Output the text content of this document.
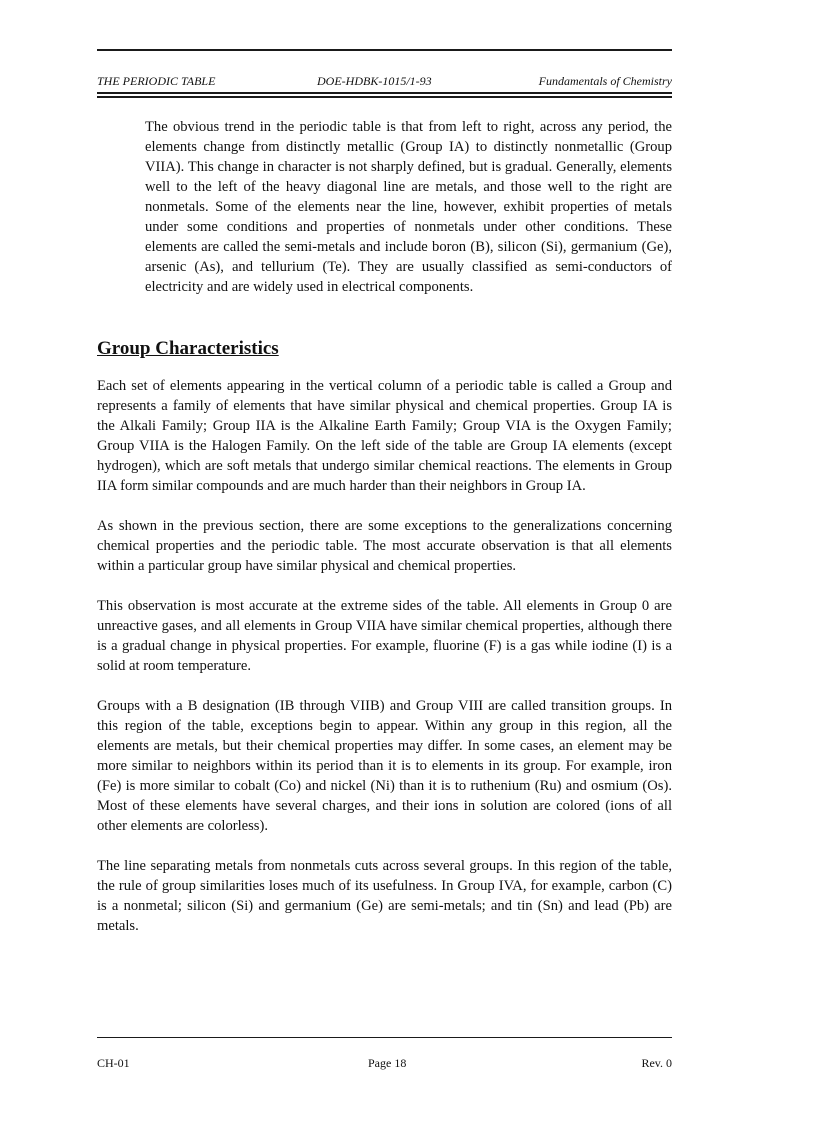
THE PERIODIC TABLE	DOE-HDBK-1015/1-93	Fundamentals of Chemistry

The obvious trend in the periodic table is that from left to right, across any period, the elements change from distinctly metallic (Group IA) to distinctly nonmetallic (Group VIIA). This change in character is not sharply defined, but is gradual. Generally, elements well to the left of the heavy diagonal line are metals, and those well to the right are nonmetals. Some of the elements near the line, however, exhibit properties of metals under some conditions and properties of nonmetals under other conditions. These elements are called the semi-metals and include boron (B), silicon (Si), germanium (Ge), arsenic (As), and tellurium (Te). They are usually classified as semi-conductors of electricity and are widely used in electrical components.

Group Characteristics

Each set of elements appearing in the vertical column of a periodic table is called a Group and represents a family of elements that have similar physical and chemical properties. Group IA is the Alkali Family; Group IIA is the Alkaline Earth Family; Group VIA is the Oxygen Family; Group VIIA is the Halogen Family. On the left side of the table are Group IA elements (except hydrogen), which are soft metals that undergo similar chemical reactions. The elements in Group IIA form similar compounds and are much harder than their neighbors in Group IA.

As shown in the previous section, there are some exceptions to the generalizations concerning chemical properties and the periodic table. The most accurate observation is that all elements within a particular group have similar physical and chemical properties.

This observation is most accurate at the extreme sides of the table. All elements in Group 0 are unreactive gases, and all elements in Group VIIA have similar chemical properties, although there is a gradual change in physical properties. For example, fluorine (F) is a gas while iodine (I) is a solid at room temperature.

Groups with a B designation (IB through VIIB) and Group VIII are called transition groups. In this region of the table, exceptions begin to appear. Within any group in this region, all the elements are metals, but their chemical properties may differ. In some cases, an element may be more similar to neighbors within its period than it is to elements in its group. For example, iron (Fe) is more similar to cobalt (Co) and nickel (Ni) than it is to ruthenium (Ru) and osmium (Os). Most of these elements have several charges, and their ions in solution are colored (ions of all other elements are colorless).

The line separating metals from nonmetals cuts across several groups. In this region of the table, the rule of group similarities loses much of its usefulness. In Group IVA, for example, carbon (C) is a nonmetal; silicon (Si) and germanium (Ge) are semi-metals; and tin (Sn) and lead (Pb) are metals.

CH-01	Page 18	Rev. 0
